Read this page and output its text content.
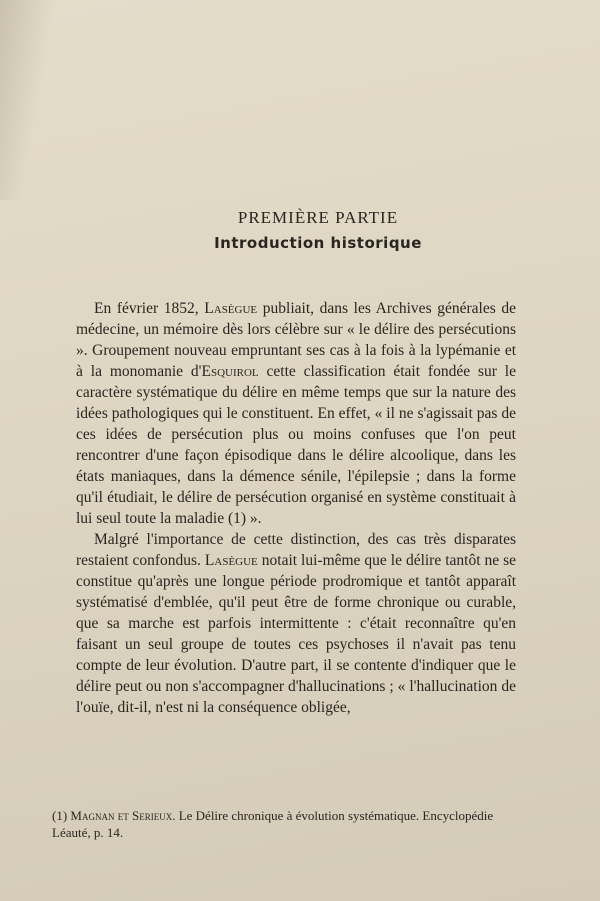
PREMIÈRE PARTIE
Introduction historique

En février 1852, Lasègue publiait, dans les Archives générales de médecine, un mémoire dès lors célèbre sur « le délire des persécutions ». Groupement nouveau empruntant ses cas à la fois à la lypémanie et à la monomanie d'Esquirol cette classification était fondée sur le caractère systématique du délire en même temps que sur la nature des idées pathologiques qui le constituent. En effet, « il ne s'agissait pas de ces idées de persécution plus ou moins confuses que l'on peut rencontrer d'une façon épisodique dans le délire alcoolique, dans les états maniaques, dans la démence sénile, l'épilepsie ; dans la forme qu'il étudiait, le délire de persécution organisé en système constituait à lui seul toute la maladie (1) ».

Malgré l'importance de cette distinction, des cas très disparates restaient confondus. Lasègue notait lui-même que le délire tantôt ne se constitue qu'après une longue période prodromique et tantôt apparaît systématisé d'emblée, qu'il peut être de forme chronique ou curable, que sa marche est parfois intermittente : c'était reconnaître qu'en faisant un seul groupe de toutes ces psychoses il n'avait pas tenu compte de leur évolution. D'autre part, il se contente d'indiquer que le délire peut ou non s'accompagner d'hallucinations ; « l'hallucination de l'ouïe, dit-il, n'est ni la conséquence obligée,

(1) Magnan et Serieux. Le Délire chronique à évolution systématique. Encyclopédie Léauté, p. 14.
